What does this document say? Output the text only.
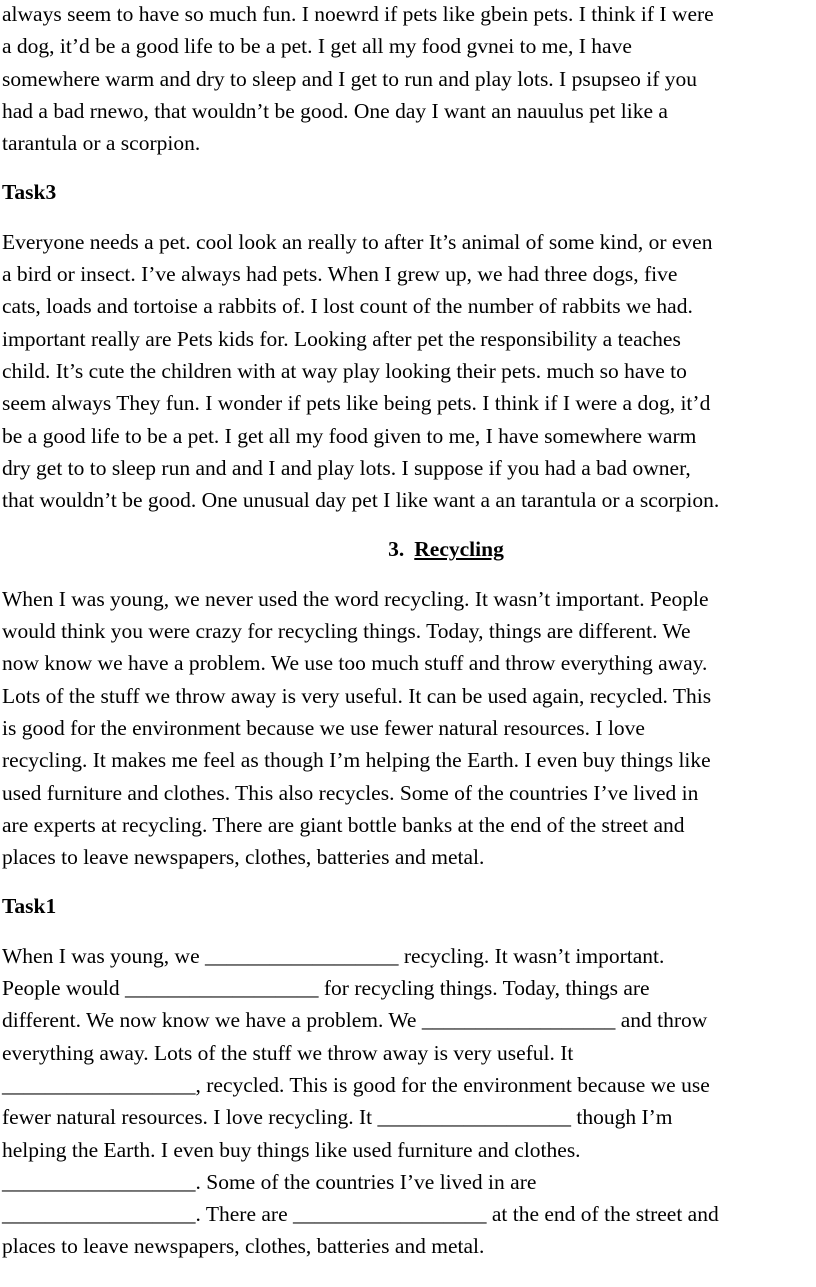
always seem to have so much fun. I noewrd if pets like gbein pets. I think if I were

a dog, it’d be a good life to be a pet. I get all my food gvnei to me, I have

somewhere warm and dry to sleep and I get to run and play lots. I psupseo if you

had a bad rnewo, that wouldn’t be good. One day I want an nauulus pet like a

tarantula or a scorpion.

Task3

Everyone needs a pet. cool look an really to after It’s animal of some kind, or even

a bird or insect. I’ve always had pets. When I grew up, we had three dogs, five

cats, loads and tortoise a rabbits of. I lost count of the number of rabbits we had.

important really are Pets kids for. Looking after pet the responsibility a teaches

child. It’s cute the children with at way play looking their pets. much so have to

seem always They fun. I wonder if pets like being pets. I think if I were a dog, it’d

be a good life to be a pet. I get all my food given to me, I have somewhere warm

dry get to to sleep run and and I and play lots. I suppose if you had a bad owner,

that wouldn’t be good. One unusual day pet I like want a an tarantula or a scorpion.

3. Recycling

When I was young, we never used the word recycling. It wasn’t important. People

would think you were crazy for recycling things. Today, things are different. We

now know we have a problem. We use too much stuff and throw everything away.

Lots of the stuff we throw away is very useful. It can be used again, recycled. This

is good for the environment because we use fewer natural resources. I love

recycling. It makes me feel as though I’m helping the Earth. I even buy things like

used furniture and clothes. This also recycles. Some of the countries I’ve lived in

are experts at recycling. There are giant bottle banks at the end of the street and

places to leave newspapers, clothes, batteries and metal.

Task1

When I was young, we __________________ recycling. It wasn’t important.

People would __________________ for recycling things. Today, things are

different. We now know we have a problem. We __________________ and throw

everything away. Lots of the stuff we throw away is very useful. It

__________________, recycled. This is good for the environment because we use

fewer natural resources. I love recycling. It __________________ though I’m

helping the Earth. I even buy things like used furniture and clothes.

__________________. Some of the countries I’ve lived in are

__________________. There are __________________ at the end of the street and

places to leave newspapers, clothes, batteries and metal.
